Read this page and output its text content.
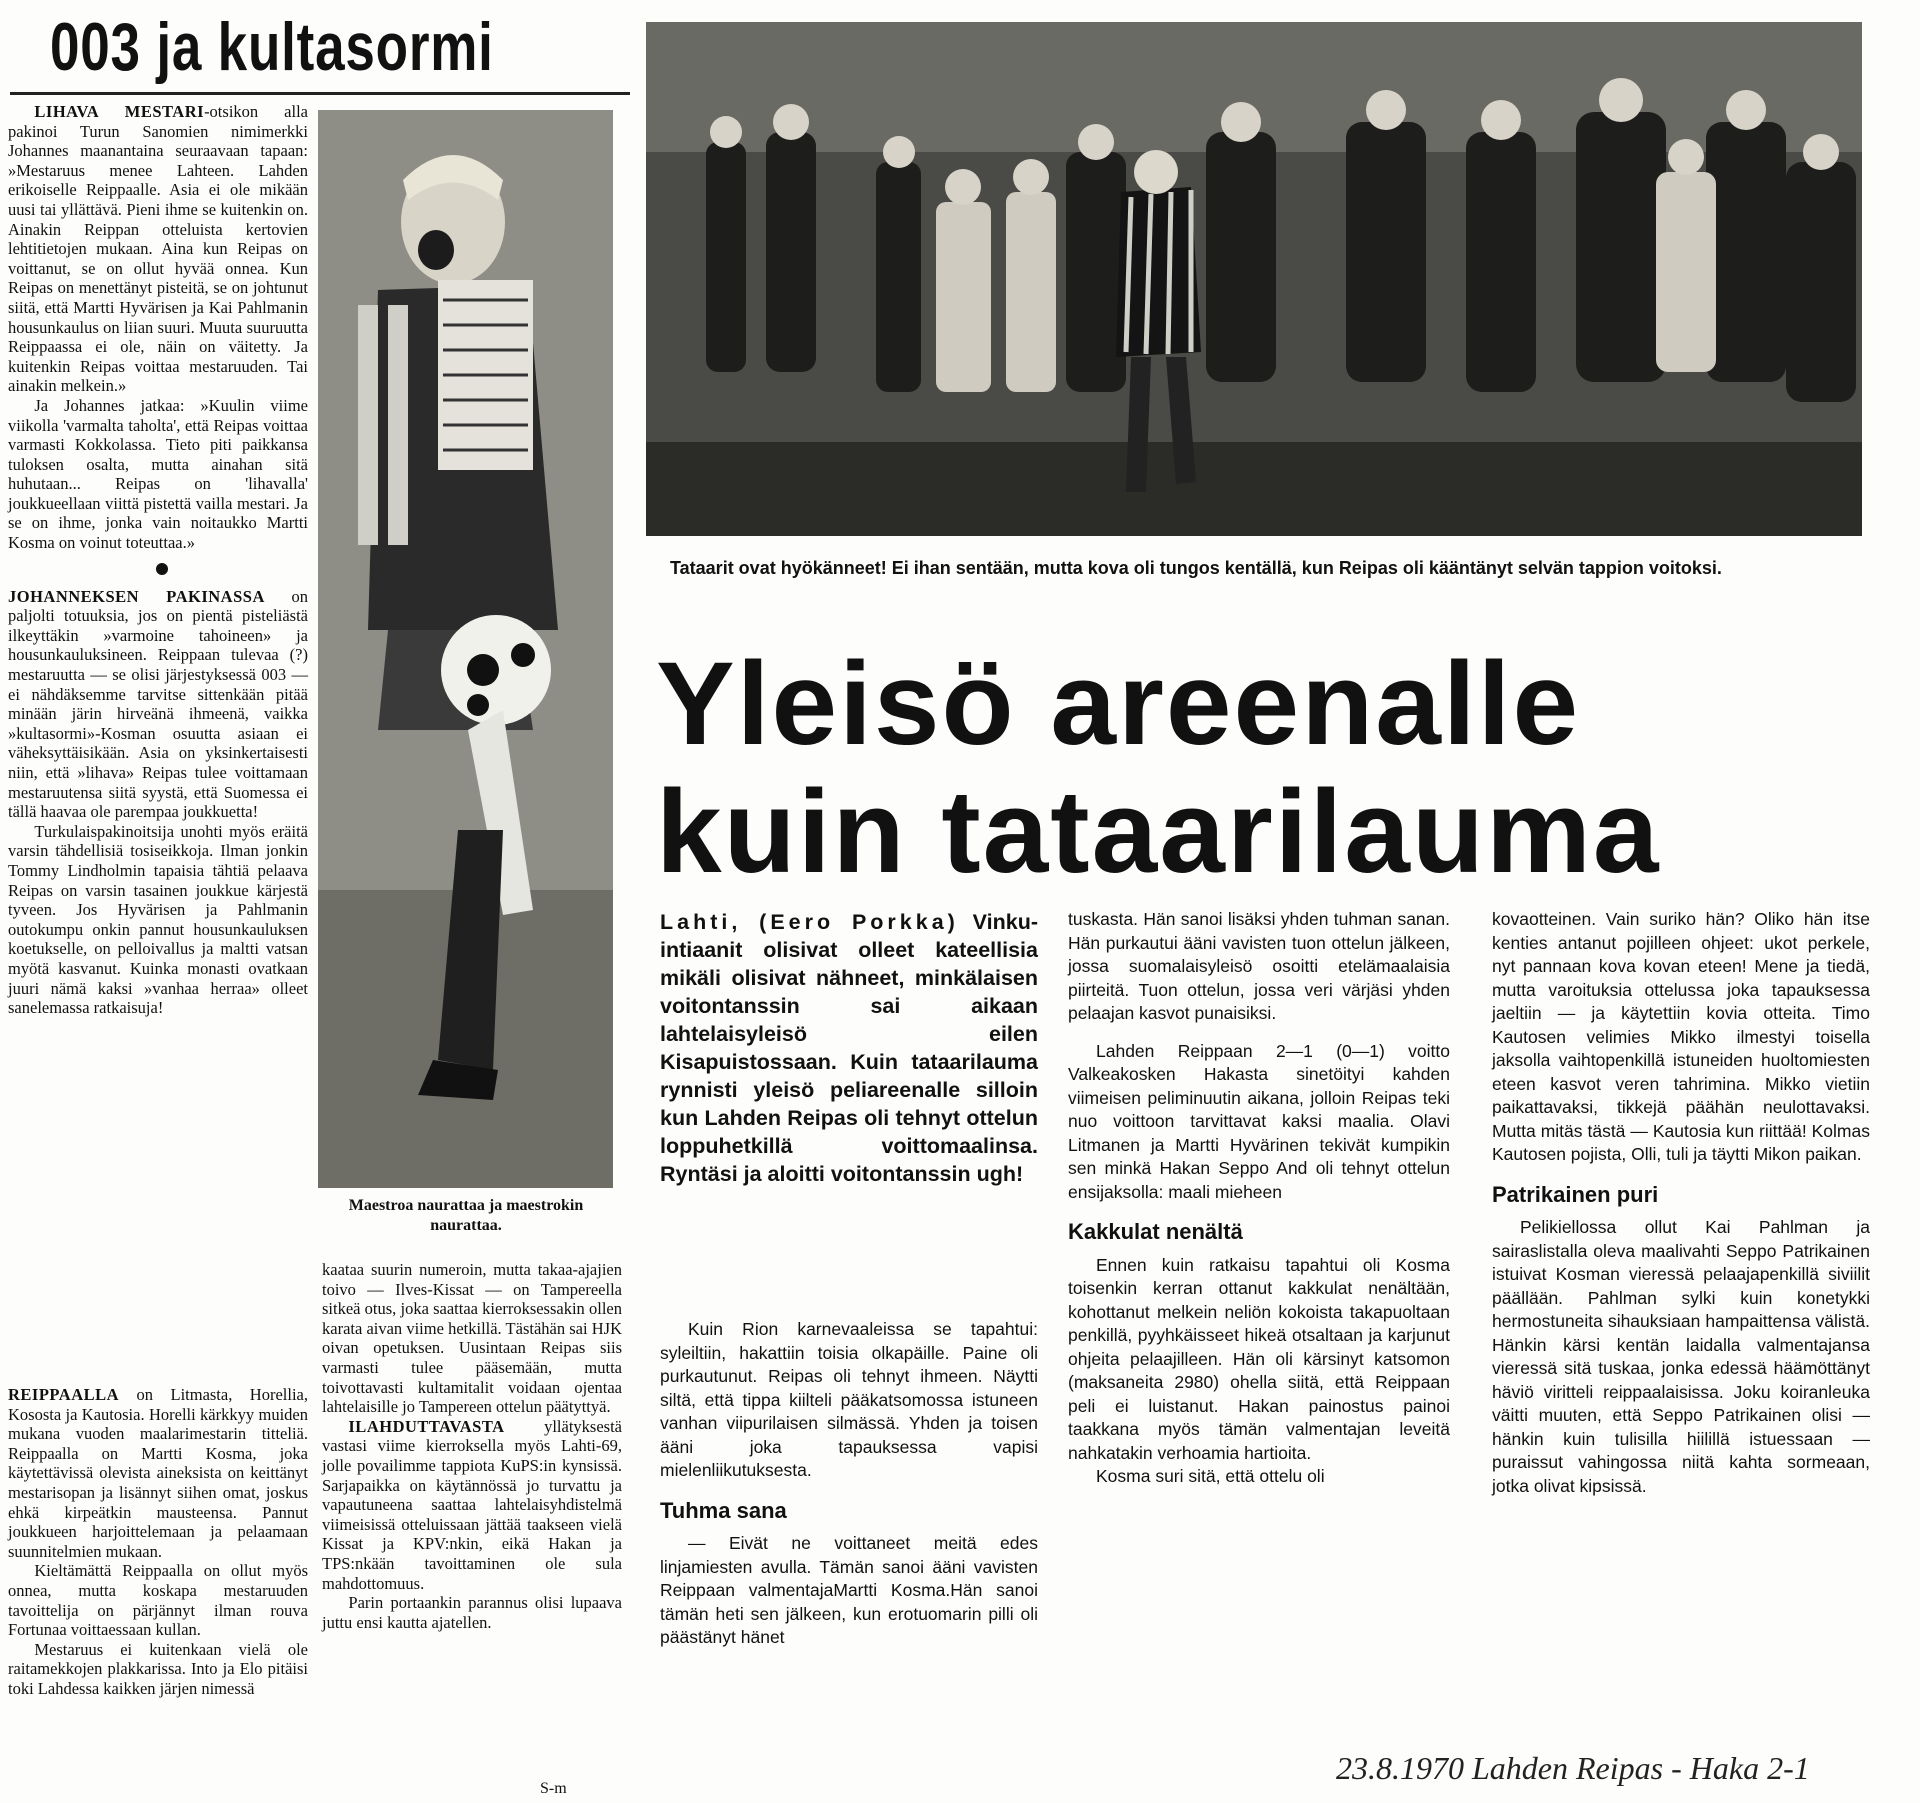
003 ja kultasormi

LIHAVA MESTARI-otsikon alla pakinoi Turun Sanomien nimimerkki Johannes maanantaina seuraavaan tapaan: »Mestaruus menee Lahteen. Lahden erikoiselle Reippaalle. Asia ei ole mikään uusi tai yllättävä. Pieni ihme se kuitenkin on. Ainakin Reippan otteluista kertovien lehtitietojen mukaan. Aina kun Reipas on voittanut, se on ollut hyvää onnea. Kun Reipas on menettänyt pisteitä, se on johtunut siitä, että Martti Hyvärisen ja Kai Pahlmanin housunkaulus on liian suuri. Muuta suuruutta Reippaassa ei ole, näin on väitetty. Ja kuitenkin Reipas voittaa mestaruuden. Tai ainakin melkein.»

Ja Johannes jatkaa: »Kuulin viime viikolla 'varmalta taholta', että Reipas voittaa varmasti Kokkolassa. Tieto piti paikkansa tuloksen osalta, mutta ainahan sitä huhutaan... Reipas on 'lihavalla' joukkueellaan viittä pistettä vailla mestari. Ja se on ihme, jonka vain noitaukko Martti Kosma on voinut toteuttaa.»

JOHANNEKSEN PAKINASSA on paljolti totuuksia, jos on pientä pisteliästä ilkeyttäkin »varmoine tahoineen» ja housunkauluksineen. Reippaan tulevaa (?) mestaruutta — se olisi järjestyksessä 003 — ei nähdäksemme tarvitse sittenkään pitää minään järin hirveänä ihmeenä, vaikka »kultasormi»-Kosman osuutta asiaan ei väheksyttäisikään. Asia on yksinkertaisesti niin, että »lihava» Reipas tulee voittamaan mestaruutensa siitä syystä, että Suomessa ei tällä haavaa ole parempaa joukkuetta!

Turkulaispakinoitsija unohti myös eräitä varsin tähdellisiä tosiseikkoja. Ilman jonkin Tommy Lindholmin tapaisia tähtiä pelaava Reipas on varsin tasainen joukkue kärjestä tyveen. Jos Hyvärisen ja Pahlmanin outokumpu onkin pannut housunkauluksen koetukselle, on pelloivallus ja maltti vatsan myötä kasvanut. Kuinka monasti ovatkaan juuri nämä kaksi »vanhaa herraa» olleet sanelemassa ratkaisuja!

REIPPAALLA on Litmasta, Horellia, Kososta ja Kautosia. Horelli kärkkyy muiden mukana vuoden maalarimestarin titteliä. Reippaalla on Martti Kosma, joka käytettävissä olevista aineksista on keittänyt mestarisopan ja lisännyt siihen omat, joskus ehkä kirpeätkin mausteensa. Pannut joukkueen harjoittelemaan ja pelaamaan suunnitelmien mukaan.

Kieltämättä Reippaalla on ollut myös onnea, mutta koskapa mestaruuden tavoittelija on pärjännyt ilman rouva Fortunaa voittaessaan kullan.

Mestaruus ei kuitenkaan vielä ole raitamekkojen plakkarissa. Into ja Elo pitäisi toki Lahdessa kaikken järjen nimessä

kaataa suurin numeroin, mutta takaa-ajajien toivo — Ilves-Kissat — on Tampereella sitkeä otus, joka saattaa kierroksessakin ollen karata aivan viime hetkillä. Tästähän sai HJK oivan opetuksen. Uusintaan Reipas siis varmasti tulee pääsemään, mutta toivottavasti kultamitalit voidaan ojentaa lahtelaisille jo Tampereen ottelun päätyttyä.

ILAHDUTTAVASTA yllätyksestä vastasi viime kierroksella myös Lahti-69, jolle povailimme tappiota KuPS:in kynsissä. Sarjapaikka on käytännössä jo turvattu ja vapautuneena saattaa lahtelaisyhdistelmä viimeisissä otteluissaan jättää taakseen vielä Kissat ja KPV:nkin, eikä Hakan ja TPS:nkään tavoittaminen ole sula mahdottomuus.

Parin portaankin parannus olisi lupaava juttu ensi kautta ajatellen.

S-m
Maestroa naurattaa ja maestrokin naurattaa.
Tataarit ovat hyökänneet! Ei ihan sentään, mutta kova oli tungos kentällä, kun Reipas oli kääntänyt selvän tappion voitoksi.
Yleisö areenalle
kuin tataarilauma
Lahti, (Eero Porkka) Vinku-intiaanit olisivat olleet kateellisia mikäli olisivat nähneet, minkälaisen voitontanssin sai aikaan lahtelaisyleisö eilen Kisapuistossaan. Kuin tataarilauma rynnisti yleisö peliareenalle silloin kun Lahden Reipas oli tehnyt ottelun loppuhetkillä voittomaalinsa. Ryntäsi ja aloitti voitontanssin ugh!

Kuin Rion karnevaaleissa se tapahtui: syleiltiin, hakattiin toisia olkapäille. Paine oli purkautunut. Reipas oli tehnyt ihmeen. Näytti siltä, että tippa kiilteli pääkatsomossa istuneen vanhan viipurilaisen silmässä. Yhden ja toisen ääni joka tapauksessa vapisi mielenliikutuksesta.

Tuhma sana

— Eivät ne voittaneet meitä edes linjamiesten avulla. Tämän sanoi ääni vavisten Reippaan valmentajaMartti Kosma.Hän sanoi tämän heti sen jälkeen, kun erotuomarin pilli oli päästänyt hänet

tuskasta. Hän sanoi lisäksi yhden tuhman sanan. Hän purkautui ääni vavisten tuon ottelun jälkeen, jossa suomalaisyleisö osoitti etelämaalaisia piirteitä. Tuon ottelun, jossa veri värjäsi yhden pelaajan kasvot punaisiksi.

Lahden Reippaan 2—1 (0—1) voitto Valkeakosken Hakasta sinetöityi kahden viimeisen peliminuutin aikana, jolloin Reipas teki nuo voittoon tarvittavat kaksi maalia. Olavi Litmanen ja Martti Hyvärinen tekivät kumpikin sen minkä Hakan Seppo And oli tehnyt ottelun ensijaksolla: maali mieheen

Kakkulat nenältä

Ennen kuin ratkaisu tapahtui oli Kosma toisenkin kerran ottanut kakkulat nenältään, kohottanut melkein neliön kokoista takapuoltaan penkillä, pyyhkäisseet hikeä otsaltaan ja karjunut ohjeita pelaajilleen. Hän oli kärsinyt katsomon (maksaneita 2980) ohella siitä, että Reippaan peli ei luistanut. Hakan painostus painoi taakkana myös tämän valmentajan leveitä nahkatakin verhoamia hartioita.

Kosma suri sitä, että ottelu oli

kovaotteinen. Vain suriko hän? Oliko hän itse kenties antanut pojilleen ohjeet: ukot perkele, nyt pannaan kova kovan eteen! Mene ja tiedä, mutta varoituksia ottelussa joka tapauksessa jaeltiin — ja käytettiin kovia otteita. Timo Kautosen velimies Mikko ilmestyi toisella jaksolla vaihtopenkillä istuneiden huoltomiesten eteen kasvot veren tahrimina. Mikko vietiin paikattavaksi, tikkejä päähän neulottavaksi. Mutta mitäs tästä — Kautosia kun riittää! Kolmas Kautosen pojista, Olli, tuli ja täytti Mikon paikan.

Patrikainen puri

Pelikiellossa ollut Kai Pahlman ja sairaslistalla oleva maalivahti Seppo Patrikainen istuivat Kosman vieressä pelaajapenkillä siviilit päällään. Pahlman sylki kuin konetykki hermostuneita sihauksiaan hampaittensa välistä. Hänkin kärsi kentän laidalla valmentajansa vieressä sitä tuskaa, jonka edessä häämöttänyt häviö viritteli reippaalaisissa. Joku koiranleuka väitti muuten, että Seppo Patrikainen olisi — hänkin kuin tulisilla hiilillä istuessaan — puraissut vahingossa niitä kahta sormeaan, jotka olivat kipsissä.

23.8.1970 Lahden Reipas - Haka 2-1
